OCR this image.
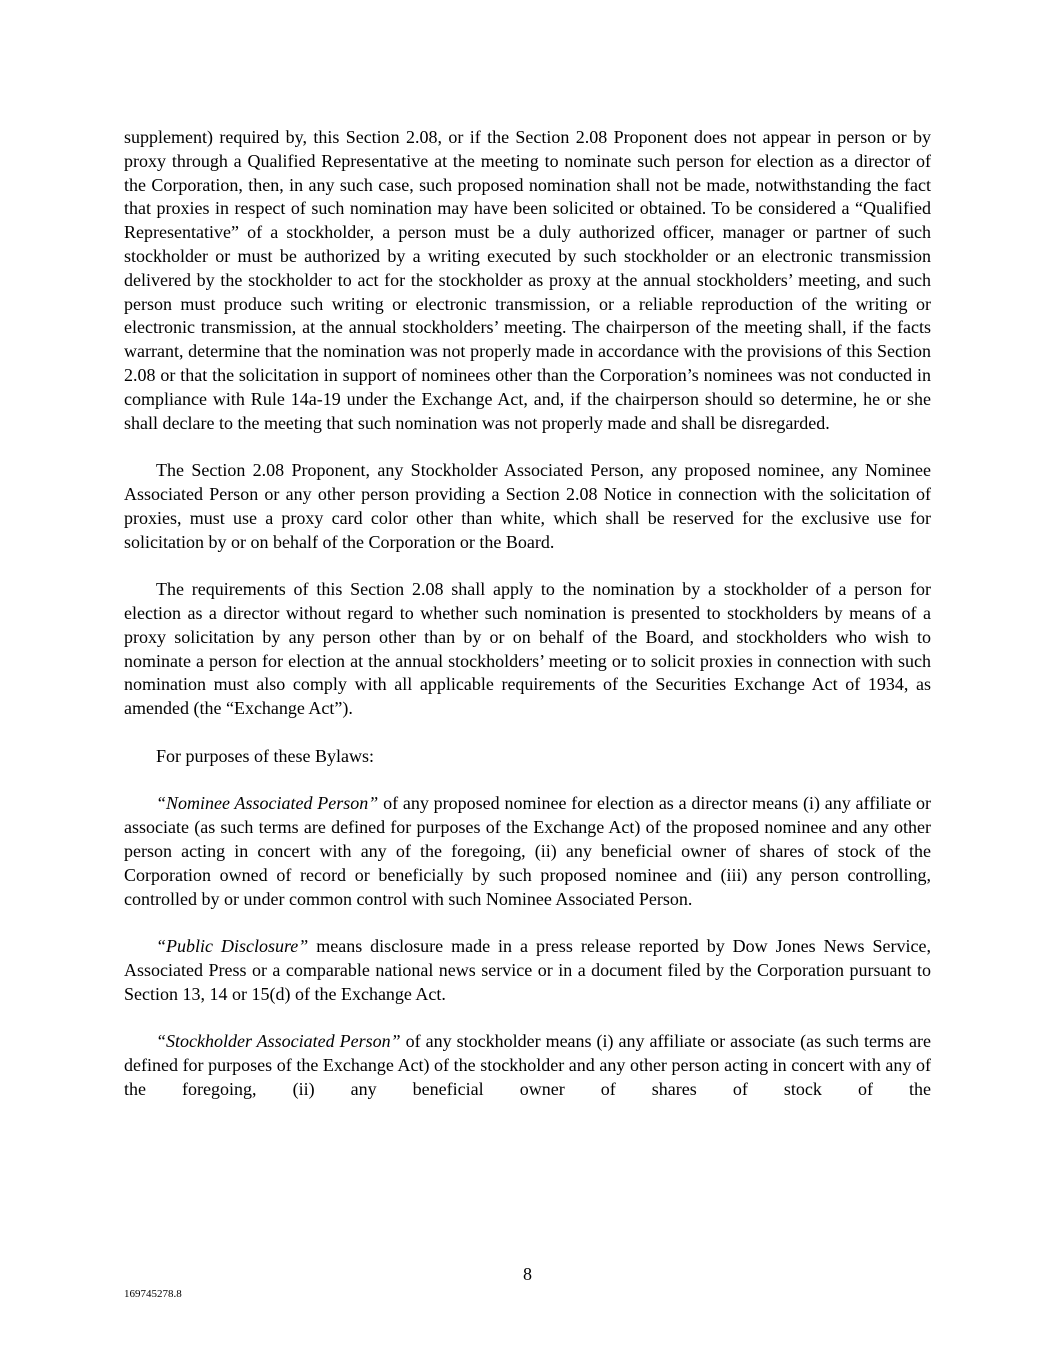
supplement) required by, this Section 2.08, or if the Section 2.08 Proponent does not appear in person or by proxy through a Qualified Representative at the meeting to nominate such person for election as a director of the Corporation, then, in any such case, such proposed nomination shall not be made, notwithstanding the fact that proxies in respect of such nomination may have been solicited or obtained. To be considered a “Qualified Representative” of a stockholder, a person must be a duly authorized officer, manager or partner of such stockholder or must be authorized by a writing executed by such stockholder or an electronic transmission delivered by the stockholder to act for the stockholder as proxy at the annual stockholders’ meeting, and such person must produce such writing or electronic transmission, or a reliable reproduction of the writing or electronic transmission, at the annual stockholders’ meeting. The chairperson of the meeting shall, if the facts warrant, determine that the nomination was not properly made in accordance with the provisions of this Section 2.08 or that the solicitation in support of nominees other than the Corporation’s nominees was not conducted in compliance with Rule 14a-19 under the Exchange Act, and, if the chairperson should so determine, he or she shall declare to the meeting that such nomination was not properly made and shall be disregarded.

The Section 2.08 Proponent, any Stockholder Associated Person, any proposed nominee, any Nominee Associated Person or any other person providing a Section 2.08 Notice in connection with the solicitation of proxies, must use a proxy card color other than white, which shall be reserved for the exclusive use for solicitation by or on behalf of the Corporation or the Board.

The requirements of this Section 2.08 shall apply to the nomination by a stockholder of a person for election as a director without regard to whether such nomination is presented to stockholders by means of a proxy solicitation by any person other than by or on behalf of the Board, and stockholders who wish to nominate a person for election at the annual stockholders’ meeting or to solicit proxies in connection with such nomination must also comply with all applicable requirements of the Securities Exchange Act of 1934, as amended (the “Exchange Act”).

For purposes of these Bylaws:

“Nominee Associated Person” of any proposed nominee for election as a director means (i) any affiliate or associate (as such terms are defined for purposes of the Exchange Act) of the proposed nominee and any other person acting in concert with any of the foregoing, (ii) any beneficial owner of shares of stock of the Corporation owned of record or beneficially by such proposed nominee and (iii) any person controlling, controlled by or under common control with such Nominee Associated Person.

“Public Disclosure” means disclosure made in a press release reported by Dow Jones News Service, Associated Press or a comparable national news service or in a document filed by the Corporation pursuant to Section 13, 14 or 15(d) of the Exchange Act.

“Stockholder Associated Person” of any stockholder means (i) any affiliate or associate (as such terms are defined for purposes of the Exchange Act) of the stockholder and any other person acting in concert with any of the foregoing, (ii) any beneficial owner of shares of stock of the

8
169745278.8
